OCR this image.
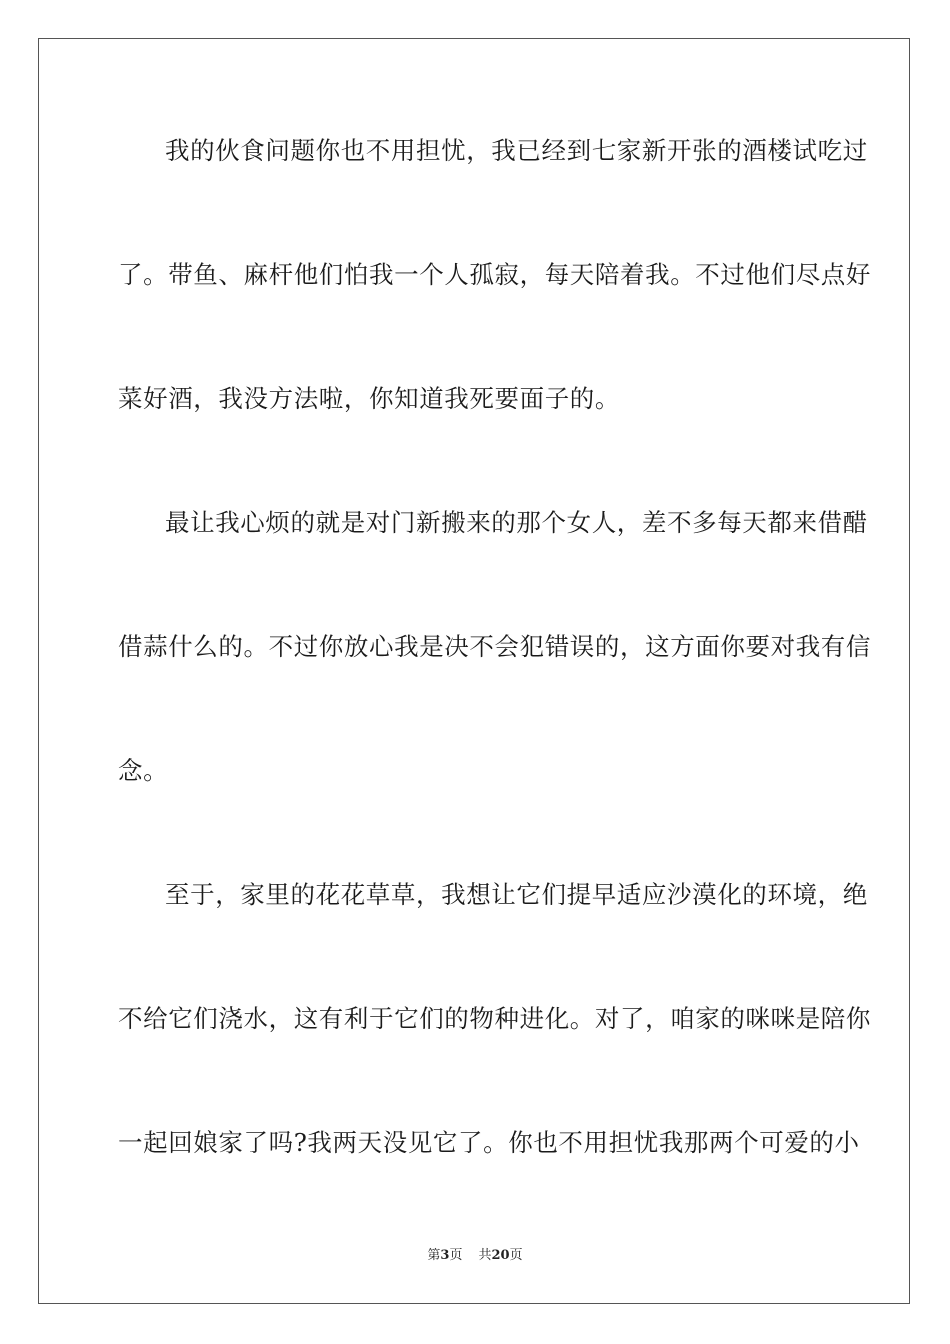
我的伙食问题你也不用担忧，我已经到七家新开张的酒楼试吃过
了。带鱼、麻杆他们怕我一个人孤寂，每天陪着我。不过他们尽点好
菜好酒，我没方法啦，你知道我死要面子的。
最让我心烦的就是对门新搬来的那个女人，差不多每天都来借醋
借蒜什么的。不过你放心我是决不会犯错误的，这方面你要对我有信
念。
至于，家里的花花草草，我想让它们提早适应沙漠化的环境，绝
不给它们浇水，这有利于它们的物种进化。对了，咱家的咪咪是陪你
一起回娘家了吗?我两天没见它了。你也不用担忧我那两个可爱的小
第3页 共20页
